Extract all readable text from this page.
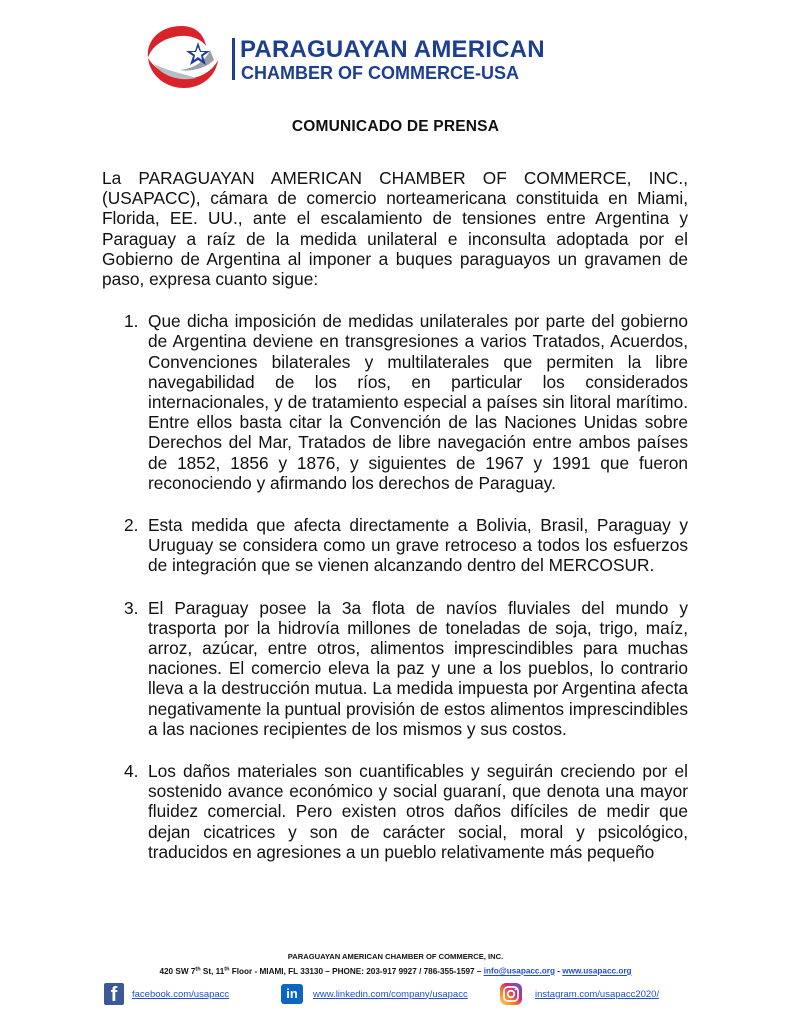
PARAGUAYAN AMERICAN
CHAMBER OF COMMERCE-USA
COMUNICADO DE PRENSA

La PARAGUAYAN AMERICAN CHAMBER OF COMMERCE, INC., (USAPACC), cámara de comercio norteamericana constituida en Miami, Florida, EE. UU., ante el escalamiento de tensiones entre Argentina y Paraguay a raíz de la medida unilateral e inconsulta adoptada por el Gobierno de Argentina al imponer a buques paraguayos un gravamen de paso, expresa cuanto sigue:

1. Que dicha imposición de medidas unilaterales por parte del gobierno de Argentina deviene en transgresiones a varios Tratados, Acuerdos, Convenciones bilaterales y multilaterales que permiten la libre navegabilidad de los ríos, en particular los considerados internacionales, y de tratamiento especial a países sin litoral marítimo. Entre ellos basta citar la Convención de las Naciones Unidas sobre Derechos del Mar, Tratados de libre navegación entre ambos países de 1852, 1856 y 1876, y siguientes de 1967 y 1991 que fueron reconociendo y afirmando los derechos de Paraguay.
2. Esta medida que afecta directamente a Bolivia, Brasil, Paraguay y Uruguay se considera como un grave retroceso a todos los esfuerzos de integración que se vienen alcanzando dentro del MERCOSUR.
3. El Paraguay posee la 3a flota de navíos fluviales del mundo y trasporta por la hidrovía millones de toneladas de soja, trigo, maíz, arroz, azúcar, entre otros, alimentos imprescindibles para muchas naciones. El comercio eleva la paz y une a los pueblos, lo contrario lleva a la destrucción mutua. La medida impuesta por Argentina afecta negativamente la puntual provisión de estos alimentos imprescindibles a las naciones recipientes de los mismos y sus costos.
4. Los daños materiales son cuantificables y seguirán creciendo por el sostenido avance económico y social guaraní, que denota una mayor fluidez comercial. Pero existen otros daños difíciles de medir que dejan cicatrices y son de carácter social, moral y psicológico, traducidos en agresiones a un pueblo relativamente más pequeño
PARAGUAYAN AMERICAN CHAMBER OF COMMERCE, INC.
420 SW 7th St, 11th Floor - MIAMI, FL 33130 – PHONE: 203-917 9927 / 786-355-1597 – info@usapacc.org - www.usapacc.org
f	facebook.com/usapacc	in	www.linkedin.com/company/usapacc	instagram.com/usapacc2020/
